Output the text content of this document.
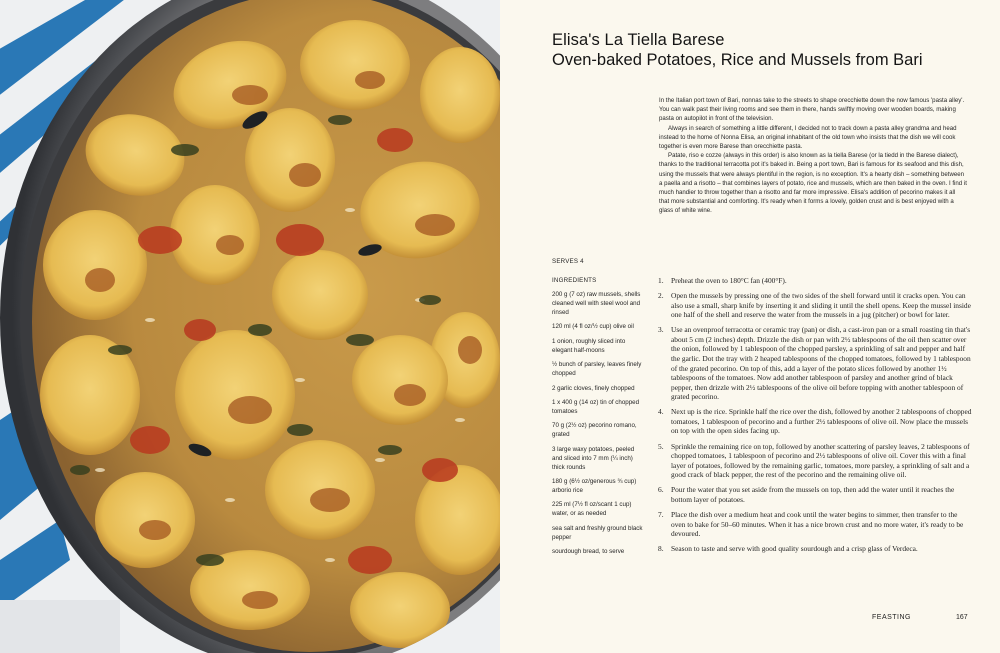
Elisa's La Tiella Barese
Oven-baked Potatoes, Rice and Mussels from Bari

In the Italian port town of Bari, nonnas take to the streets to shape orecchiette down the now famous 'pasta alley'. You can walk past their living rooms and see them in there, hands swiftly moving over wooden boards, making pasta on autopilot in front of the television.

Always in search of something a little different, I decided not to track down a pasta alley grandma and head instead to the home of Nonna Elisa, an original inhabitant of the old town who insists that the dish we will cook together is even more Barese than orecchiette pasta.

Patate, riso e cozze (always in this order) is also known as la tiella Barese (or la tiedd in the Barese dialect), thanks to the traditional terracotta pot it's baked in. Being a port town, Bari is famous for its seafood and this dish, using the mussels that were always plentiful in the region, is no exception. It's a hearty dish – something between a paella and a risotto – that combines layers of potato, rice and mussels, which are then baked in the oven. I find it much handier to throw together than a risotto and far more impressive. Elisa's addition of pecorino makes it all that more substantial and comforting. It's ready when it forms a lovely, golden crust and is best enjoyed with a glass of white wine.

SERVES 4
INGREDIENTS
200 g (7 oz) raw mussels, shells cleaned well with steel wool and rinsed
120 ml (4 fl oz/½ cup) olive oil
1 onion, roughly sliced into elegant half-moons
½ bunch of parsley, leaves finely chopped
2 garlic cloves, finely chopped
1 x 400 g (14 oz) tin of chopped tomatoes
70 g (2½ oz) pecorino romano, grated
3 large waxy potatoes, peeled and sliced into 7 mm (¼ inch) thick rounds
180 g (6½ oz/generous ¾ cup) arborio rice
225 ml (7½ fl oz/scant 1 cup) water, or as needed
sea salt and freshly ground black pepper
sourdough bread, to serve
1. Preheat the oven to 180°C fan (400°F).
2. Open the mussels by pressing one of the two sides of the shell forward until it cracks open. You can also use a small, sharp knife by inserting it and sliding it until the shell opens. Keep the mussel inside one half of the shell and reserve the water from the mussels in a jug (pitcher) or bowl for later.
3. Use an ovenproof terracotta or ceramic tray (pan) or dish, a cast-iron pan or a small roasting tin that's about 5 cm (2 inches) depth. Drizzle the dish or pan with 2½ tablespoons of the oil then scatter over the onion, followed by 1 tablespoon of the chopped parsley, a sprinkling of salt and pepper and half the garlic. Dot the tray with 2 heaped tablespoons of the chopped tomatoes, followed by 1 tablespoon of the grated pecorino. On top of this, add a layer of the potato slices followed by another 1½ tablespoons of the tomatoes. Now add another tablespoon of parsley and another grind of black pepper, then drizzle with 2½ tablespoons of the olive oil before topping with another tablespoon of grated pecorino.
4. Next up is the rice. Sprinkle half the rice over the dish, followed by another 2 tablespoons of chopped tomatoes, 1 tablespoon of pecorino and a further 2½ tablespoons of olive oil. Now place the mussels on top with the open sides facing up.
5. Sprinkle the remaining rice on top, followed by another scattering of parsley leaves, 2 tablespoons of chopped tomatoes, 1 tablespoon of pecorino and 2½ tablespoons of olive oil. Cover this with a final layer of potatoes, followed by the remaining garlic, tomatoes, more parsley, a sprinkling of salt and a good crack of black pepper, the rest of the pecorino and the remaining olive oil.
6. Pour the water that you set aside from the mussels on top, then add the water until it reaches the bottom layer of potatoes.
7. Place the dish over a medium heat and cook until the water begins to simmer, then transfer to the oven to bake for 50–60 minutes. When it has a nice brown crust and no more water, it's ready to be devoured.
8. Season to taste and serve with good quality sourdough and a crisp glass of Verdeca.
FEASTING	167
